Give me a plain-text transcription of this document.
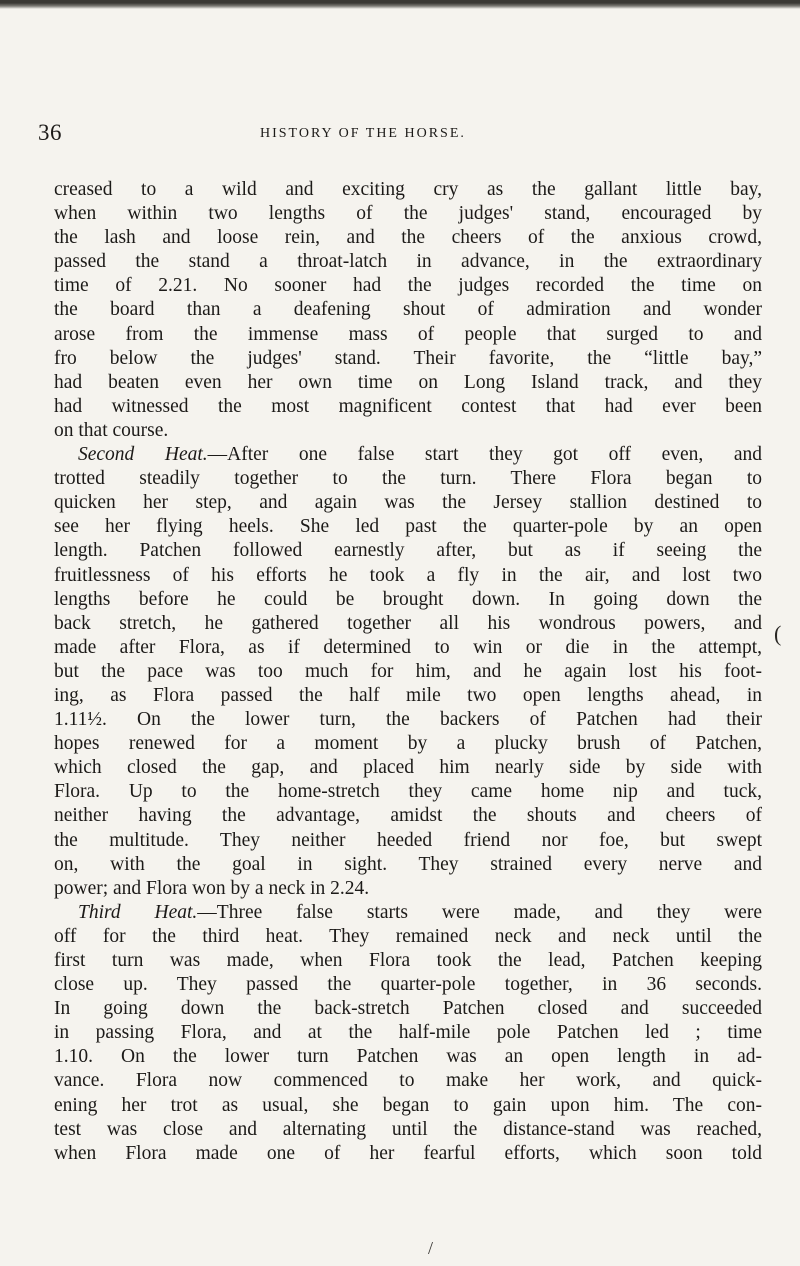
36	HISTORY OF THE HORSE.
creased to a wild and exciting cry as the gallant little bay,
when within two lengths of the judges' stand, encouraged by
the lash and loose rein, and the cheers of the anxious crowd,
passed the stand a throat-latch in advance, in the extraordinary
time of 2.21. No sooner had the judges recorded the time on
the board than a deafening shout of admiration and wonder
arose from the immense mass of people that surged to and
fro below the judges' stand. Their favorite, the “little bay,”
had beaten even her own time on Long Island track, and they
had witnessed the most magnificent contest that had ever been
on that course.
Second Heat.—After one false start they got off even, and
trotted steadily together to the turn. There Flora began to
quicken her step, and again was the Jersey stallion destined to
see her flying heels. She led past the quarter-pole by an open
length. Patchen followed earnestly after, but as if seeing the
fruitlessness of his efforts he took a fly in the air, and lost two
lengths before he could be brought down. In going down the
back stretch, he gathered together all his wondrous powers, and
made after Flora, as if determined to win or die in the attempt,
but the pace was too much for him, and he again lost his foot-
ing, as Flora passed the half mile two open lengths ahead, in
1.11½. On the lower turn, the backers of Patchen had their
hopes renewed for a moment by a plucky brush of Patchen,
which closed the gap, and placed him nearly side by side with
Flora. Up to the home-stretch they came home nip and tuck,
neither having the advantage, amidst the shouts and cheers of
the multitude. They neither heeded friend nor foe, but swept
on, with the goal in sight. They strained every nerve and
power; and Flora won by a neck in 2.24.
Third Heat.—Three false starts were made, and they were
off for the third heat. They remained neck and neck until the
first turn was made, when Flora took the lead, Patchen keeping
close up. They passed the quarter-pole together, in 36 seconds.
In going down the back-stretch Patchen closed and succeeded
in passing Flora, and at the half-mile pole Patchen led ; time
1.10. On the lower turn Patchen was an open length in ad-
vance. Flora now commenced to make her work, and quick-
ening her trot as usual, she began to gain upon him. The con-
test was close and alternating until the distance-stand was reached,
when Flora made one of her fearful efforts, which soon told
(
/
